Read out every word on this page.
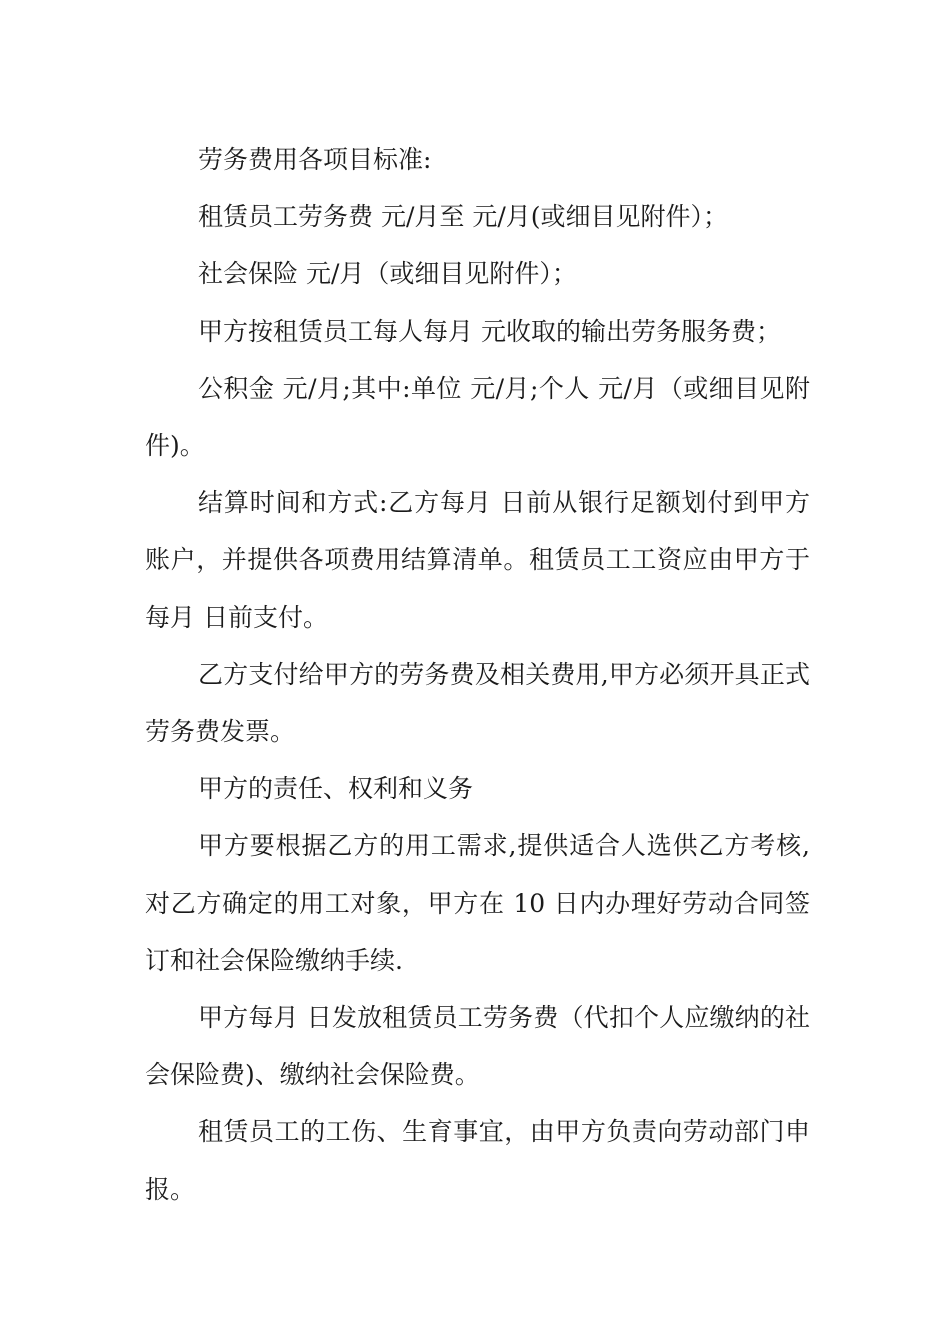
劳务费用各项目标准:

租赁员工劳务费 元/月至 元/月(或细目见附件）；

社会保险 元/月（或细目见附件）；

甲方按租赁员工每人每月 元收取的输出劳务服务费；

公积金 元/月;其中:单位 元/月;个人 元/月（或细目见附件)。

结算时间和方式:乙方每月 日前从银行足额划付到甲方账户，并提供各项费用结算清单。租赁员工工资应由甲方于每月 日前支付。

乙方支付给甲方的劳务费及相关费用,甲方必须开具正式劳务费发票。

甲方的责任、权利和义务

甲方要根据乙方的用工需求,提供适合人选供乙方考核,对乙方确定的用工对象，甲方在 10 日内办理好劳动合同签订和社会保险缴纳手续.

甲方每月 日发放租赁员工劳务费（代扣个人应缴纳的社会保险费)、缴纳社会保险费。

租赁员工的工伤、生育事宜，由甲方负责向劳动部门申报。
